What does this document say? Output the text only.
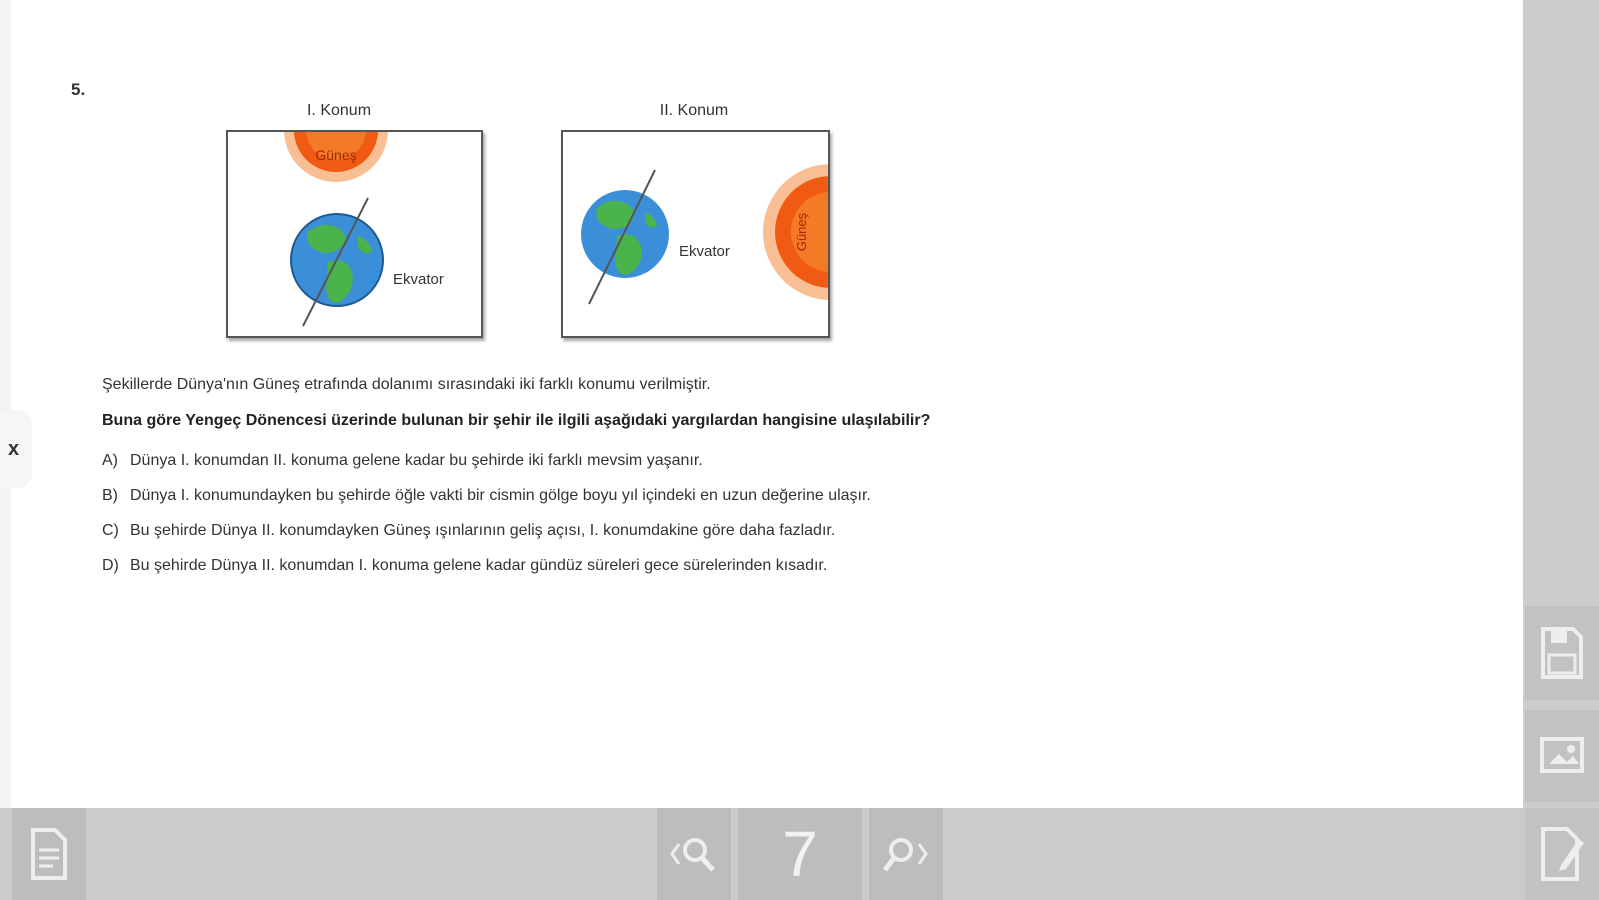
x
5.
I. Konum	II. Konum
Güneş
Ekvator
Ekvator
Güneş
Şekillerde Dünya'nın Güneş etrafında dolanımı sırasındaki iki farklı konumu verilmiştir.
Buna göre Yengeç Dönencesi üzerinde bulunan bir şehir ile ilgili aşağıdaki yargılardan hangisine ulaşılabilir?
A) Dünya I. konumdan II. konuma gelene kadar bu şehirde iki farklı mevsim yaşanır.
B) Dünya I. konumundayken bu şehirde öğle vakti bir cismin gölge boyu yıl içindeki en uzun değerine ulaşır.
C) Bu şehirde Dünya II. konumdayken Güneş ışınlarının geliş açısı, I. konumdakine göre daha fazladır.
D) Bu şehirde Dünya II. konumdan I. konuma gelene kadar gündüz süreleri gece sürelerinden kısadır.
7
